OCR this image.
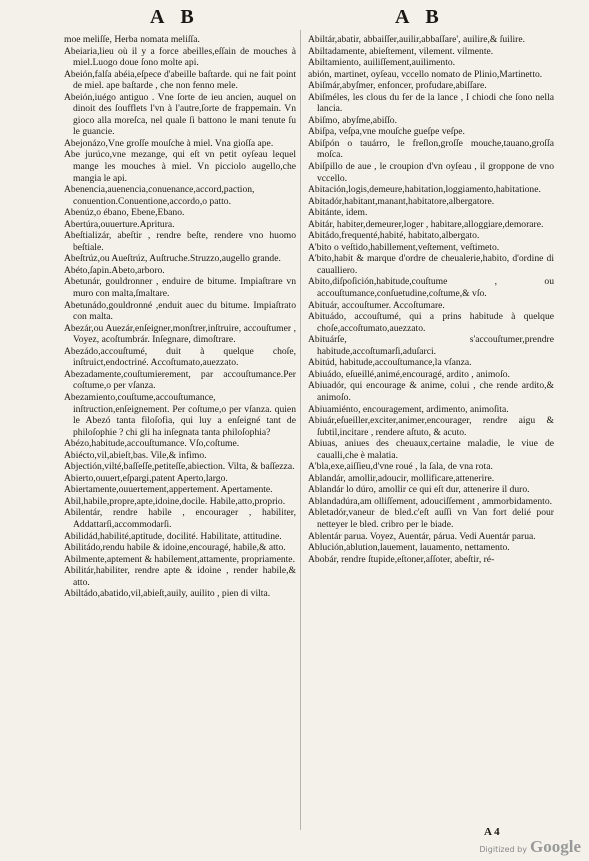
A B	A B

moe meliſſe, Herba nomata meliſſa.

Abeiaria,lieu où il y a force abeilles,eſſain de mouches à miel.Luogo doue ſono molte api.

Abeión,falſa abéia,eſpece d'abeille baſtarde. qui ne fait point de miel. ape baſtarde , che non fenno mele.

Abeión,iuégo antiguo . Vne ſorte de ieu ancien, auquel on dinoit des ſoufflets l'vn à l'autre,ſorte de frappemain. Vn gioco alla moreſca, nel quale ſi battono le mani tenute ſu le guancie.

Abejonázo,Vne groſſe mouſche à miel. Vna gioſſa ape.

Abe jurúco,vne mezange, qui eſt vn petit oyſeau lequel mange les mouches à miel. Vn picciolo augello,che mangia le api.

Abenencia,auenencia,conuenance,accord,paction, conuention.Conuentione,accordo,o patto.

Abenúz,o ébano, Ebene,Ebano.

Abertúra,ouuerture.Apritura.

Abeſtializár, abeſtir , rendre beſte, rendere vno huomo beſtiale.

Abeſtrúz,ou Aueſtrúz, Auſtruche.Struzzo,augello grande.

Abéto,ſapin.Abeto,arboro.

Abetunár, gouldronner , enduire de bitume. Impiaſtrare vn muro con malta,ſmaltare.

Abetunádo,gouldronné ,enduit auec du bitume. Impiaſtrato con malta.

Abezár,ou Auezár,enſeigner,monſtrer,inſtruire, accouſtumer , Voyez, acoſtumbrár. Inſegnare, dimoſtrare.

Abezádo,accouſtumé, duit à quelque choſe, inſtruict,endoctriné. Accoſtumato,auezzato.

Abezadamente,couſtumierement, par accouſtumance.Per coſtume,o per vſanza.

Abezamiento,couſtume,accouſtumance, inſtruction,enſeignement. Per coſtume,o per vſanza. quien le Abezó tanta filoſofia, qui luy a enſeigné tant de philoſophie ? chi gli ha inſegnata tanta philoſophia?

Abézo,habitude,accouſtumance. Vſo,coſtume.

Abiécto,vil,abieſt,bas. Vile,& infimo.

Abjectión,vilté,baſſeſſe,petiteſſe,abiection. Vilta, & baſſezza.

Abierto,ouuert,eſpargi,patent Aperto,largo.

Abiertamente,ouuertement,appertement. Apertamente.

Abil,habile,propre,apte,idoine,docile. Habile,atto,proprio.

Abilentár, rendre habile , encourager , habiliter, Addattarſi,accommodarſi.

Abilidád,habilité,aptitude, docilité. Habilitate, attitudine.

Abilitádo,rendu habile & idoine,encouragé, habile,& atto.

Abilmente,aptement & habilement,attamente, propriamente.

Abilitár,habiliter, rendre apte & idoine , render habile,& atto.

Abiltádo,abatido,vil,abieſt,auily, auilito , pien di vilta.

Abiltár,abatir, abbaiſſer,auilir,abbaſſare', auilire,& ſuilire.

Abiltadamente, abieſtement, vilement. vilmente.

Abiltamiento, auiliſſement,auilimento.

abión, martinet, oyſeau, vccello nomato de Plinio,Martinetto.

Abiſmár,abyſmer, enfoncer, profudare,abiſſare.

Abiſméles, les clous du fer de la lance , I chiodi che ſono nella lancia.

Abiſmo, abyſme,abiſſo.

Abiſpa, veſpa,vne mouſche gueſpe veſpe.

Abiſpón o tauárro, le freſlon,groſſe mouche,tauano,groſſa moſca.

Abiſpillo de aue , le croupion d'vn oyſeau , il groppone de vno vccello.

Abitación,logis,demeure,habitation,loggiamento,habitatione.

Abitadór,habitant,manant,habitatore,albergatore.

Abitánte, idem.

Abitár, habiter,demeurer,loger , habitare,alloggiare,demorare.

Abitádo,frequenté,habité, habitato,albergato.

A'bito o veſtido,habillement,veſtement, veſtimeto.

A'bito,habit & marque d'ordre de cheualerie,habito, d'ordine di caualliero.

Abito,diſpoſición,habitude,couſtume , ou accouſtumance,conſuetudine,coſtume,& vſo.

Abituár, accouſtumer. Accoſtumare.

Abituádo, accouſtumé, qui a prins habitude à quelque choſe,accoſtumato,auezzato.

Abituárſe, s'accouſtumer,prendre habitude,accoſtumarſi,aduſarci.

Abitúd, habitude,accouſtumance,la vſanza.

Abiuádo, eſueillé,animé,encouragé, ardito , animoſo.

Abiuadór, qui encourage & anime, colui , che rende ardito,& animoſo.

Abiuamiénto, encouragement, ardimento, animoſita.

Abiuár,eſueiller,exciter,animer,encourager, rendre aigu & ſubtil,incitare , rendere aſtuto, & acuto.

Abiuas, aniues des cheuaux,certaine maladie, le viue de caualli,che è malatia.

A'bla,exe,aiſſieu,d'vne roué , la ſala, de vna rota.

Ablandár, amollir,adoucir, mollificare,attenerire.

Ablandár lo dúro, amollir ce qui eſt dur, attenerire il duro.

Ablandadúra,am olliſſement, adouciſſement , ammorbidamento.

Abletadór,vaneur de bled.c'eſt auſſi vn Van fort delié pour netteyer le bled. cribro per le biade.

Ablentár parua. Voyez, Auentár, párua. Vedi Auentár parua.

Ablución,ablution,lauement, lauamento, nettamento.

Abobár, rendre ſtupide,eſtoner,aſſoter, abeſtir, ré-

A 4
Digitized by Google
